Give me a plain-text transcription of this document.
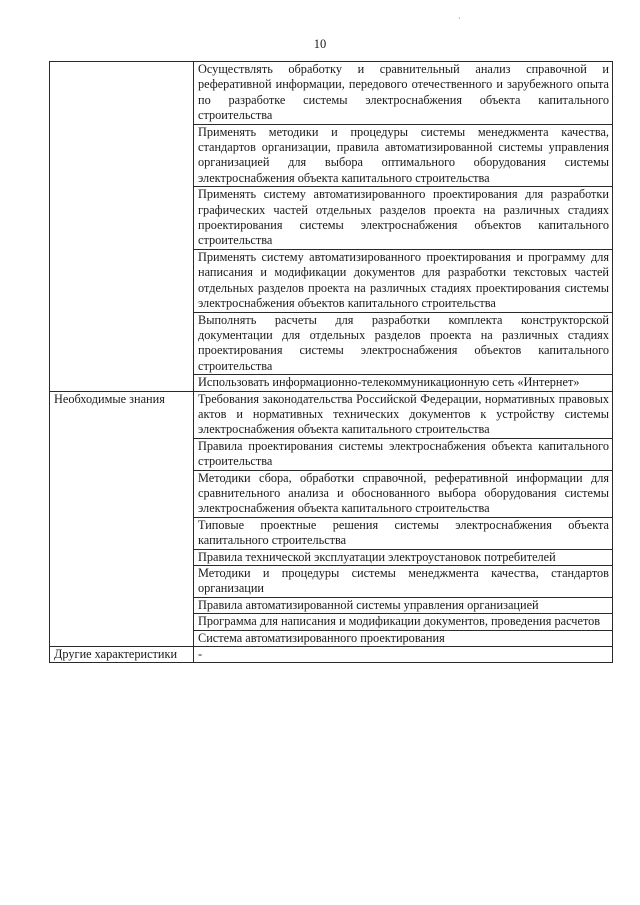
·
10
	Осуществлять обработку и сравнительный анализ справочной и реферативной информации, передового отечественного и зарубежного опыта по разработке системы электроснабжения объекта капитального строительства
	Применять методики и процедуры системы менеджмента качества, стандартов организации, правила автоматизированной системы управления организацией для выбора оптимального оборудования системы электроснабжения объекта капитального строительства
	Применять систему автоматизированного проектирования для разработки графических частей отдельных разделов проекта на различных стадиях проектирования системы электроснабжения объектов капитального строительства
	Применять систему автоматизированного проектирования и программу для написания и модификации документов для разработки текстовых частей отдельных разделов проекта на различных стадиях проектирования системы электроснабжения объектов капитального строительства
	Выполнять расчеты для разработки комплекта конструкторской документации для отдельных разделов проекта на различных стадиях проектирования системы электроснабжения объектов капитального строительства
	Использовать информационно-телекоммуникационную сеть «Интернет»
Необходимые знания	Требования законодательства Российской Федерации, нормативных правовых актов и нормативных технических документов к устройству системы электроснабжения объекта капитального строительства
	Правила проектирования системы электроснабжения объекта капитального строительства
	Методики сбора, обработки справочной, реферативной информации для сравнительного анализа и обоснованного выбора оборудования системы электроснабжения объекта капитального строительства
	Типовые проектные решения системы электроснабжения объекта капитального строительства
	Правила технической эксплуатации электроустановок потребителей
	Методики и процедуры системы менеджмента качества, стандартов организации
	Правила автоматизированной системы управления организацией
	Программа для написания и модификации документов, проведения расчетов
	Система автоматизированного проектирования
Другие характеристики	-
